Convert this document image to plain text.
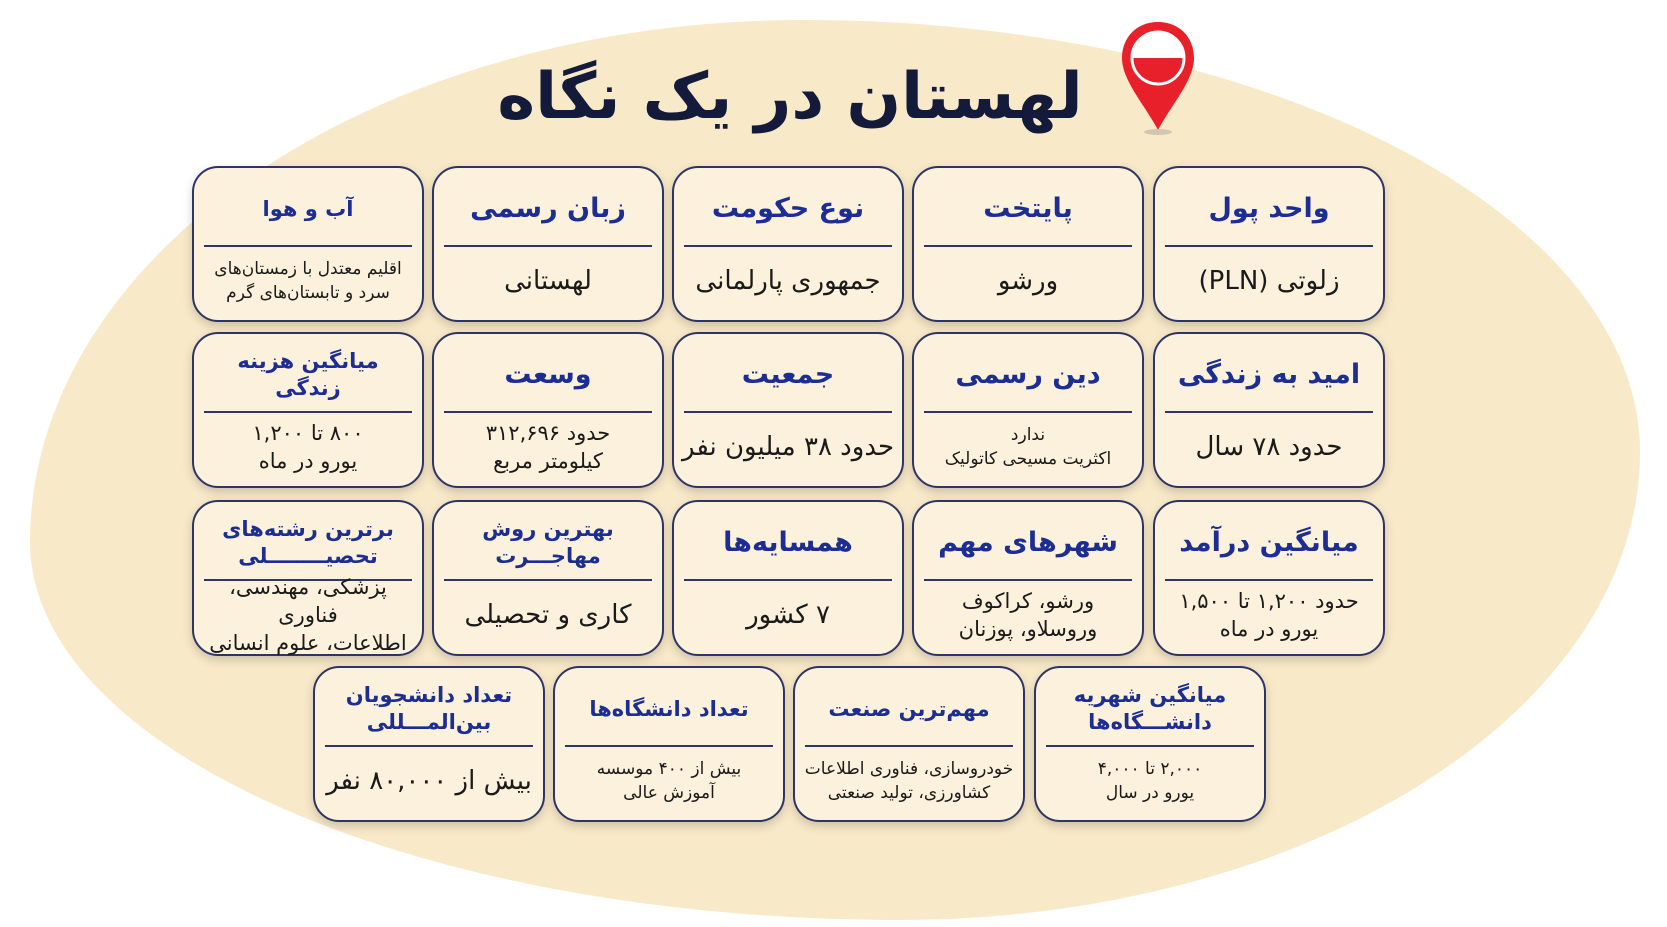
لهستان در یک نگاه
واحد پول
زلوتی (PLN)
پایتخت
ورشو
نوع حکومت
جمهوری پارلمانی
زبان رسمی
لهستانی
آب و هوا
اقلیم معتدل با زمستان‌های
سرد و تابستان‌های گرم
امید به زندگی
حدود ۷۸ سال
دین رسمی
ندارد
اکثریت مسیحی کاتولیک
جمعیت
حدود ۳۸ میلیون نفر
وسعت
حدود ۳۱۲,۶۹۶
کیلومتر مربع
میانگین هزینه زندگی
۸۰۰ تا ۱,۲۰۰
یورو در ماه
میانگین درآمد
حدود ۱,۲۰۰ تا ۱,۵۰۰
یورو در ماه
شهرهای مهم
ورشو، کراکوف
وروسلاو، پوزنان
همسایه‌ها
۷ کشور
بهترین روش مهاجـــرت
کاری و تحصیلی
برترین رشته‌های تحصیــــــــلی
پزشکی، مهندسی، فناوری
اطلاعات، علوم انسانی
میانگین شهریه دانشـــگاه‌ها
۲,۰۰۰ تا ۴,۰۰۰
یورو در سال
مهم‌ترین صنعت
خودروسازی، فناوری اطلاعات
کشاورزی، تولید صنعتی
تعداد دانشگاه‌ها
بیش از ۴۰۰ موسسه
آموزش عالی
تعداد دانشجویان بین‌المـــللی
بیش از ۸۰,۰۰۰ نفر
